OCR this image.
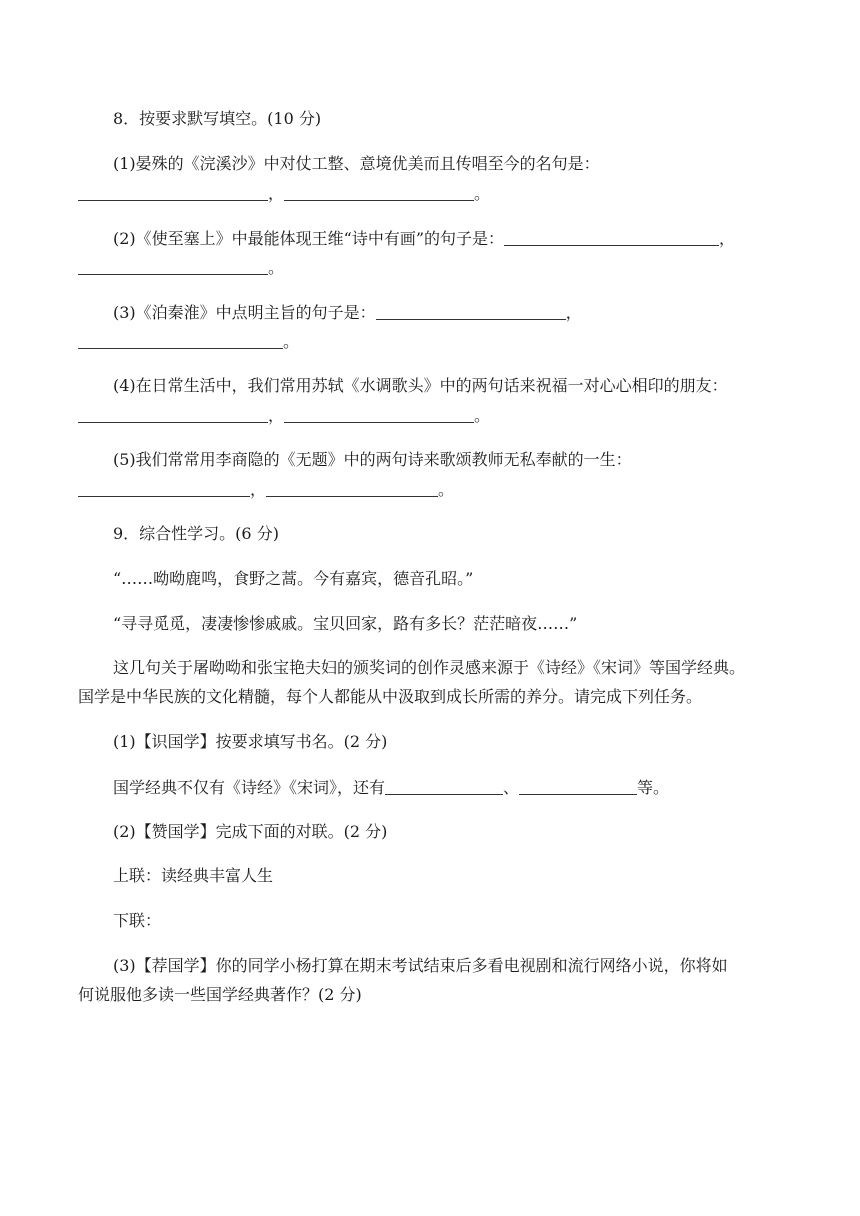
8．按要求默写填空。(10 分)
(1)晏殊的《浣溪沙》中对仗工整、意境优美而且传唱至今的名句是：
，	。
(2)《使至塞上》中最能体现王维“诗中有画”的句子是：	，
。
(3)《泊秦淮》中点明主旨的句子是：	，
。
(4)在日常生活中，我们常用苏轼《水调歌头》中的两句话来祝福一对心心相印的朋友：
，	。
(5)我们常常用李商隐的《无题》中的两句诗来歌颂教师无私奉献的一生：
，	。
9．综合性学习。(6 分)
“……呦呦鹿鸣，食野之蒿。今有嘉宾，德音孔昭。”
“寻寻觅觅，凄凄惨惨戚戚。宝贝回家，路有多长？茫茫暗夜……”
这几句关于屠呦呦和张宝艳夫妇的颁奖词的创作灵感来源于《诗经》《宋词》等国学经典。
国学是中华民族的文化精髓，每个人都能从中汲取到成长所需的养分。请完成下列任务。
(1)【识国学】按要求填写书名。(2 分)
国学经典不仅有《诗经》《宋词》，还有	、	等。
(2)【赞国学】完成下面的对联。(2 分)
上联：读经典丰富人生
下联：
(3)【荐国学】你的同学小杨打算在期末考试结束后多看电视剧和流行网络小说，你将如
何说服他多读一些国学经典著作？(2 分)
